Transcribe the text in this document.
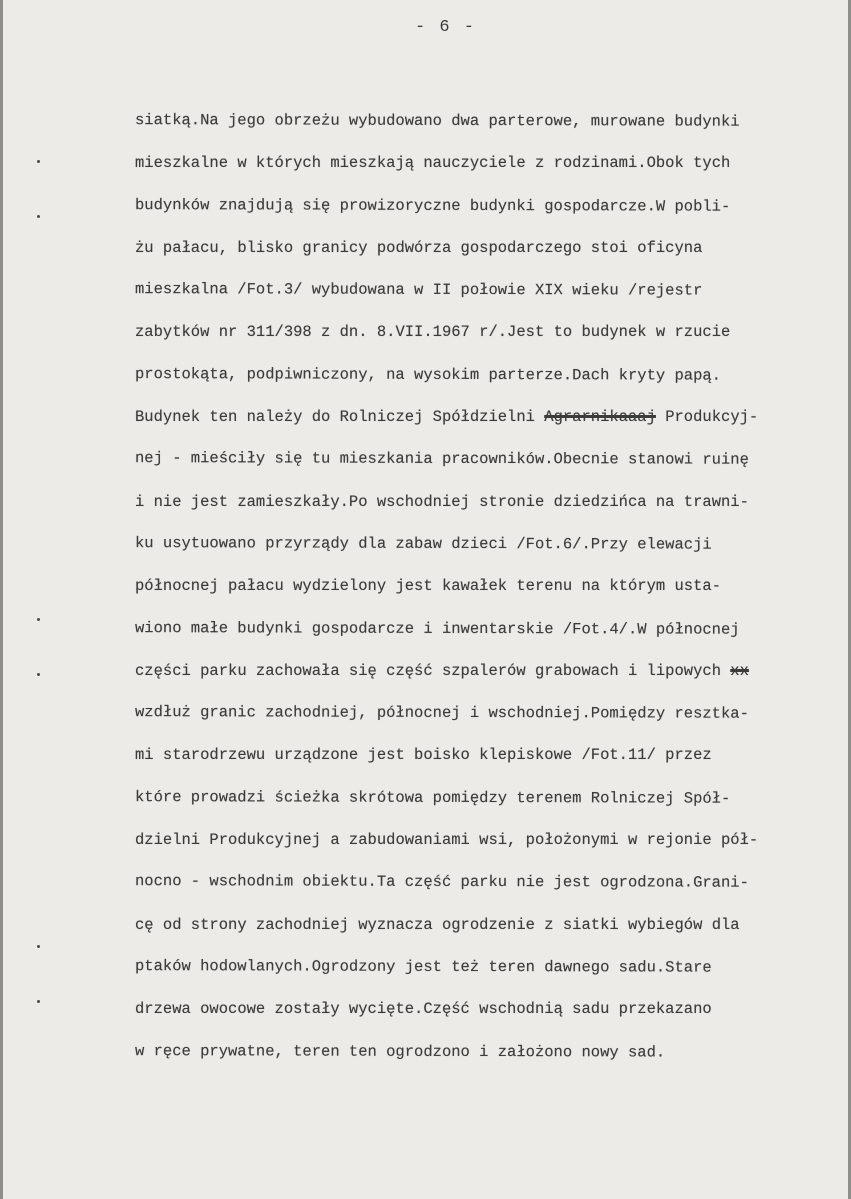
- 6 -
siatką.Na jego obrzeżu wybudowano dwa parterowe, murowane budynki
mieszkalne w których mieszkają nauczyciele z rodzinami.Obok tych
budynków znajdują się prowizoryczne budynki gospodarcze.W pobli-
żu pałacu, blisko granicy podwórza gospodarczego stoi oficyna
mieszkalna /Fot.3/ wybudowana w II połowie XIX wieku /rejestr
zabytków nr 311/398 z dn. 8.VII.1967 r/.Jest to budynek w rzucie
prostokąta, podpiwniczony, na wysokim parterze.Dach kryty papą.
Budynek ten należy do Rolniczej Spółdzielni Agrarnikaaaj Produkcyj-
nej - mieściły się tu mieszkania pracowników.Obecnie stanowi ruinę
i nie jest zamieszkały.Po wschodniej stronie dziedzińca na trawni-
ku usytuowano przyrządy dla zabaw dzieci /Fot.6/.Przy elewacji
północnej pałacu wydzielony jest kawałek terenu na którym usta-
wiono małe budynki gospodarcze i inwentarskie /Fot.4/.W północnej
części parku zachowała się część szpalerów grabowach i lipowych xx
wzdłuż granic zachodniej, północnej i wschodniej.Pomiędzy resztka-
mi starodrzewu urządzone jest boisko klepiskowe /Fot.11/ przez
które prowadzi ścieżka skrótowa pomiędzy terenem Rolniczej Spół-
dzielni Produkcyjnej a zabudowaniami wsi, położonymi w rejonie pół-
nocno - wschodnim obiektu.Ta część parku nie jest ogrodzona.Grani-
cę od strony zachodniej wyznacza ogrodzenie z siatki wybiegów dla
ptaków hodowlanych.Ogrodzony jest też teren dawnego sadu.Stare
drzewa owocowe zostały wycięte.Część wschodnią sadu przekazano
w ręce prywatne, teren ten ogrodzono i założono nowy sad.
